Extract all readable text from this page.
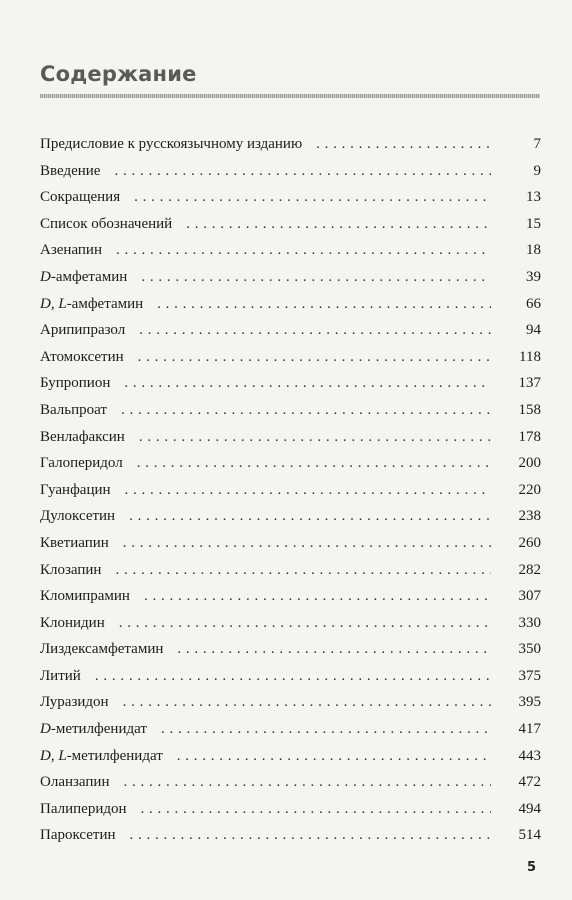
Содержание
Предисловие к русскоязычному изданию . . .	7
Введение . . .	9
Сокращения . . .	13
Список обозначений . . .	15
Азенапин . . .	18
D-амфетамин . . .	39
D, L-амфетамин . . .	66
Арипипразол . . .	94
Атомоксетин . . .	118
Бупропион . . .	137
Вальпроат . . .	158
Венлафаксин . . .	178
Галоперидол . . .	200
Гуанфацин . . .	220
Дулоксетин . . .	238
Кветиапин . . .	260
Клозапин . . .	282
Кломипрамин . . .	307
Клонидин . . .	330
Лиздексамфетамин . . .	350
Литий . . .	375
Луразидон . . .	395
D-метилфенидат . . .	417
D, L-метилфенидат . . .	443
Оланзапин . . .	472
Палиперидон . . .	494
Пароксетин . . .	514
5
